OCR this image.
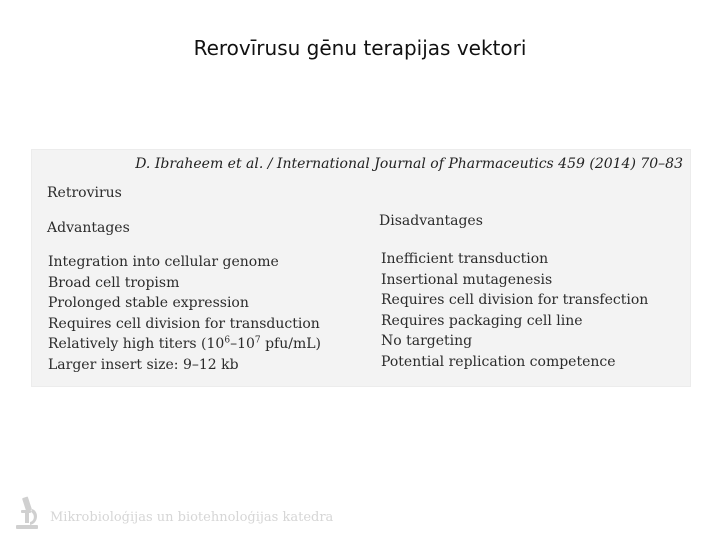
Rerovīrusu gēnu terapijas vektori
D. Ibraheem et al. / International Journal of Pharmaceutics 459 (2014) 70–83
Retrovirus
Advantages	Disadvantages
Integration into cellular genome
Broad cell tropism
Prolonged stable expression
Requires cell division for transduction
Relatively high titers ($10^6-10^7$ pfu/mL)
Larger insert size: 9–12 kb
Inefficient transduction
Insertional mutagenesis
Requires cell division for transfection
Requires packaging cell line
No targeting
Potential replication competence
Mikrobioloģijas un biotehnoloģijas katedra
